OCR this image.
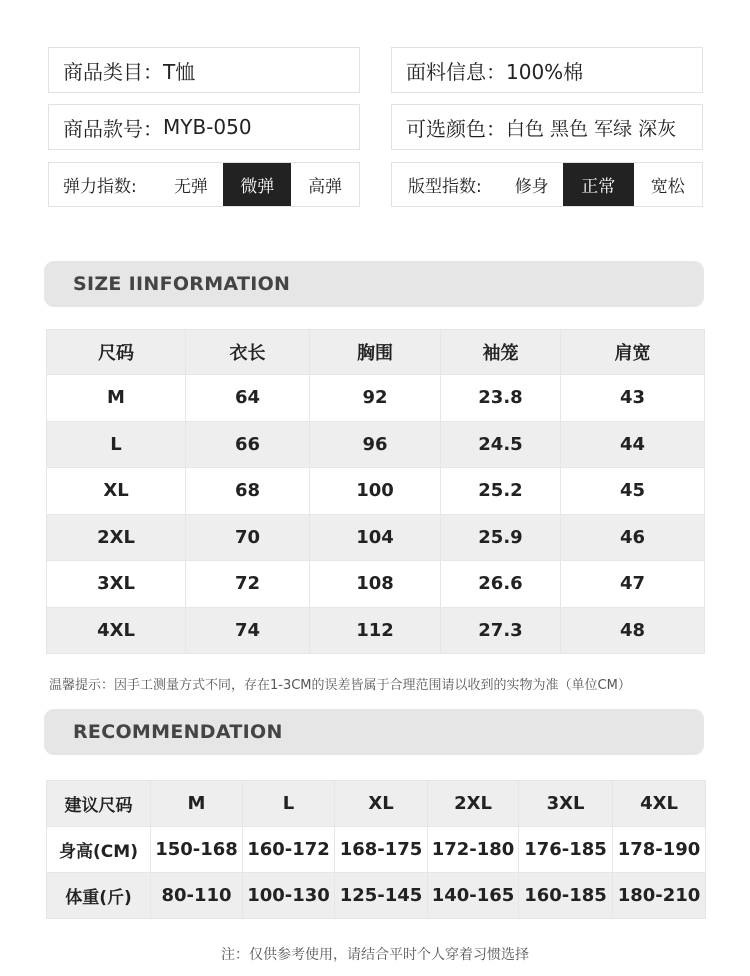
商品类目： T恤	面料信息： 100%棉
商品款号： MYB-050	可选颜色： 白色 黑色 军绿 深灰
弹力指数:	无弹	微弹	高弹	版型指数:	修身	正常	宽松
SIZE IINFORMATION
尺码	衣长	胸围	袖笼	肩宽
M	64	92	23.8	43
L	66	96	24.5	44
XL	68	100	25.2	45
2XL	70	104	25.9	46
3XL	72	108	26.6	47
4XL	74	112	27.3	48
温馨提示：因手工测量方式不同，存在1-3CM的误差皆属于合理范围请以收到的实物为准（单位CM）
RECOMMENDATION
建议尺码	M	L	XL	2XL	3XL	4XL
身高(CM)	150-168	160-172	168-175	172-180	176-185	178-190
体重(斤)	80-110	100-130	125-145	140-165	160-185	180-210
注：仅供参考使用，请结合平时个人穿着习惯选择
